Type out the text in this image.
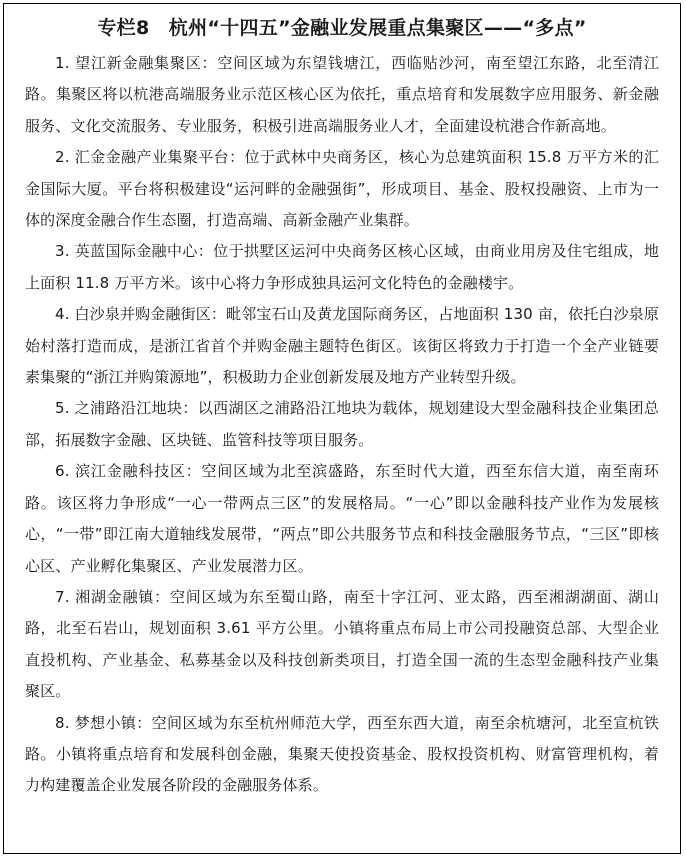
专栏8　杭州“十四五”金融业发展重点集聚区——“多点”

1. 望江新金融集聚区：空间区域为东望钱塘江，西临贴沙河，南至望江东路，北至清江路。集聚区将以杭港高端服务业示范区核心区为依托，重点培育和发展数字应用服务、新金融服务、文化交流服务、专业服务，积极引进高端服务业人才，全面建设杭港合作新高地。

2. 汇金金融产业集聚平台：位于武林中央商务区，核心为总建筑面积 15.8 万平方米的汇金国际大厦。平台将积极建设“运河畔的金融强街”，形成项目、基金、股权投融资、上市为一体的深度金融合作生态圈，打造高端、高新金融产业集群。

3. 英蓝国际金融中心：位于拱墅区运河中央商务区核心区域，由商业用房及住宅组成，地上面积 11.8 万平方米。该中心将力争形成独具运河文化特色的金融楼宇。

4. 白沙泉并购金融街区：毗邻宝石山及黄龙国际商务区，占地面积 130 亩，依托白沙泉原始村落打造而成，是浙江省首个并购金融主题特色街区。该街区将致力于打造一个全产业链要素集聚的“浙江并购策源地”，积极助力企业创新发展及地方产业转型升级。

5. 之浦路沿江地块：以西湖区之浦路沿江地块为载体，规划建设大型金融科技企业集团总部，拓展数字金融、区块链、监管科技等项目服务。

6. 滨江金融科技区：空间区域为北至滨盛路，东至时代大道，西至东信大道，南至南环路。该区将力争形成“一心一带两点三区”的发展格局。“一心”即以金融科技产业作为发展核心，“一带”即江南大道轴线发展带，“两点”即公共服务节点和科技金融服务节点，“三区”即核心区、产业孵化集聚区、产业发展潜力区。

7. 湘湖金融镇：空间区域为东至蜀山路，南至十字江河、亚太路，西至湘湖湖面、湖山路，北至石岩山，规划面积 3.61 平方公里。小镇将重点布局上市公司投融资总部、大型企业直投机构、产业基金、私募基金以及科技创新类项目，打造全国一流的生态型金融科技产业集聚区。

8. 梦想小镇：空间区域为东至杭州师范大学，西至东西大道，南至余杭塘河，北至宣杭铁路。小镇将重点培育和发展科创金融，集聚天使投资基金、股权投资机构、财富管理机构，着力构建覆盖企业发展各阶段的金融服务体系。
